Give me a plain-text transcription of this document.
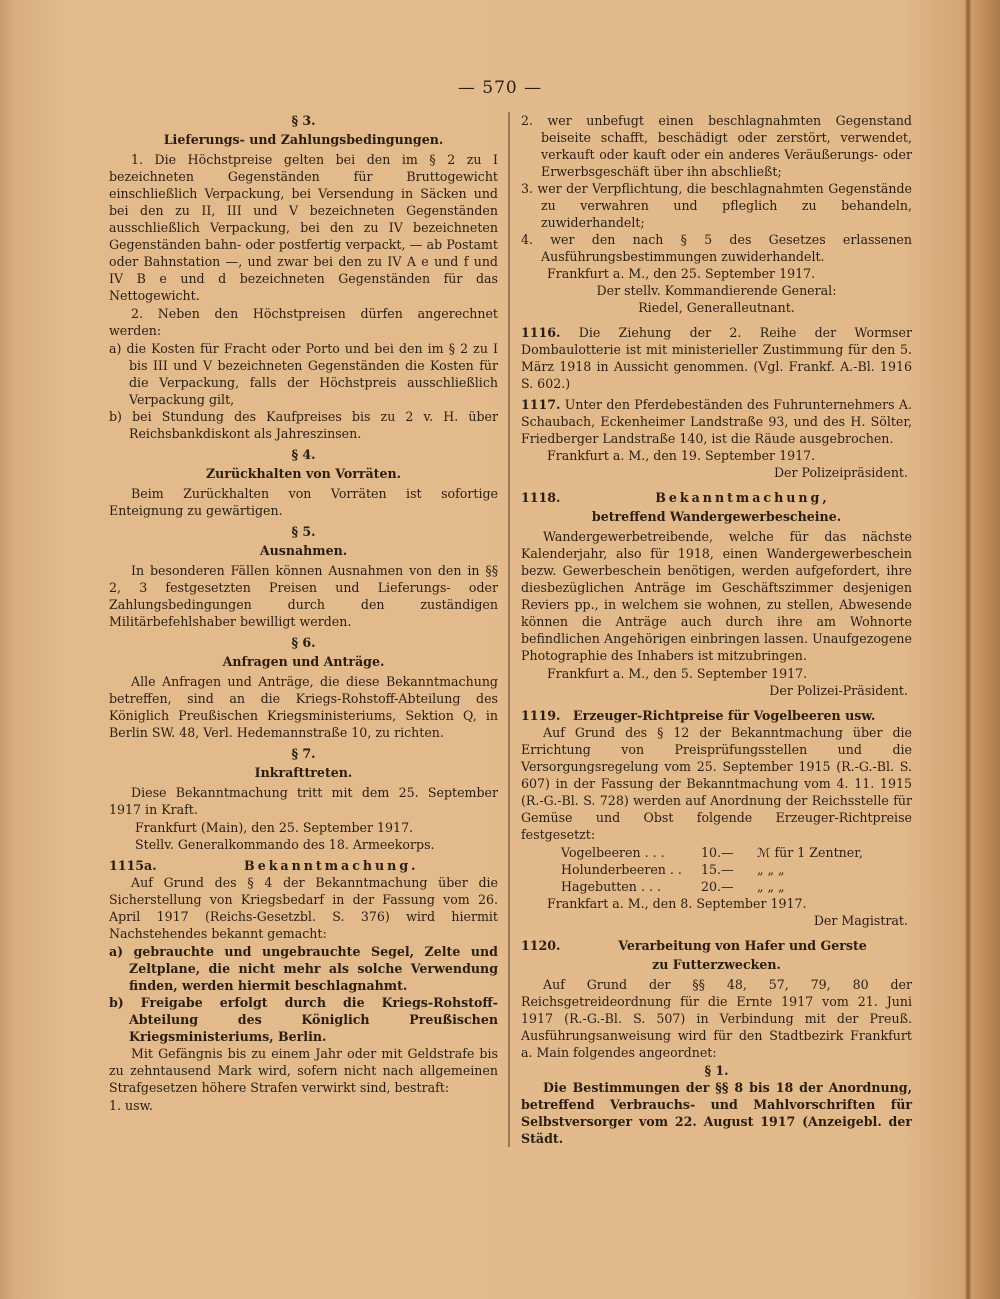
— 570 —

§ 3.

Lieferungs- und Zahlungsbedingungen.

1. Die Höchstpreise gelten bei den im § 2 zu I bezeichneten Gegenständen für Bruttogewicht einschließlich Verpackung, bei Versendung in Säcken und bei den zu II, III und V bezeichneten Gegenständen ausschließlich Verpackung, bei den zu IV bezeichneten Gegenständen bahn- oder postfertig verpackt, — ab Postamt oder Bahnstation —, und zwar bei den zu IV A e und f und IV B e und d bezeichneten Gegenständen für das Nettogewicht.

2. Neben den Höchstpreisen dürfen angerechnet werden:

a) die Kosten für Fracht oder Porto und bei den im § 2 zu I bis III und V bezeichneten Gegenständen die Kosten für die Verpackung, falls der Höchstpreis ausschließlich Verpackung gilt,

b) bei Stundung des Kaufpreises bis zu 2 v. H. über Reichsbankdiskont als Jahreszinsen.

§ 4.

Zurückhalten von Vorräten.

Beim Zurückhalten von Vorräten ist sofortige Enteignung zu gewärtigen.

§ 5.

Ausnahmen.

In besonderen Fällen können Ausnahmen von den in §§ 2, 3 festgesetzten Preisen und Lieferungs- oder Zahlungsbedingungen durch den zuständigen Militärbefehlshaber bewilligt werden.

§ 6.

Anfragen und Anträge.

Alle Anfragen und Anträge, die diese Bekanntmachung betreffen, sind an die Kriegs-Rohstoff-Abteilung des Königlich Preußischen Kriegsministeriums, Sektion Q, in Berlin SW. 48, Verl. Hedemannstraße 10, zu richten.

§ 7.

Inkrafttreten.

Diese Bekanntmachung tritt mit dem 25. September 1917 in Kraft.

Frankfurt (Main), den 25. September 1917.

Stellv. Generalkommando des 18. Armeekorps.

1115a.	Bekanntmachung.

Auf Grund des § 4 der Bekanntmachung über die Sicherstellung von Kriegsbedarf in der Fassung vom 26. April 1917 (Reichs-Gesetzbl. S. 376) wird hiermit Nachstehendes bekannt gemacht:

a) gebrauchte und ungebrauchte Segel, Zelte und Zeltplane, die nicht mehr als solche Verwendung finden, werden hiermit beschlagnahmt.

b) Freigabe erfolgt durch die Kriegs-Rohstoff-Abteilung des Königlich Preußischen Kriegsministeriums, Berlin.

Mit Gefängnis bis zu einem Jahr oder mit Geldstrafe bis zu zehntausend Mark wird, sofern nicht nach allgemeinen Strafgesetzen höhere Strafen verwirkt sind, bestraft:

1. usw.

2. wer unbefugt einen beschlagnahmten Gegenstand beiseite schafft, beschädigt oder zerstört, verwendet, verkauft oder kauft oder ein anderes Veräußerungs- oder Erwerbsgeschäft über ihn abschließt;

3. wer der Verpflichtung, die beschlagnahmten Gegenstände zu verwahren und pfleglich zu behandeln, zuwiderhandelt;

4. wer den nach § 5 des Gesetzes erlassenen Ausführungsbestimmungen zuwiderhandelt.

Frankfurt a. M., den 25. September 1917.

Der stellv. Kommandierende General:

Riedel, Generalleutnant.

1116. Die Ziehung der 2. Reihe der Wormser Dombaulotterie ist mit ministerieller Zustimmung für den 5. März 1918 in Aussicht genommen. (Vgl. Frankf. A.-Bl. 1916 S. 602.)

1117. Unter den Pferdebeständen des Fuhrunternehmers A. Schaubach, Eckenheimer Landstraße 93, und des H. Sölter, Friedberger Landstraße 140, ist die Räude ausgebrochen.

Frankfurt a. M., den 19. September 1917.

Der Polizeipräsident.

1118.	Bekanntmachung,

betreffend Wandergewerbescheine.

Wandergewerbetreibende, welche für das nächste Kalenderjahr, also für 1918, einen Wandergewerbeschein bezw. Gewerbeschein benötigen, werden aufgefordert, ihre diesbezüglichen Anträge im Geschäftszimmer desjenigen Reviers pp., in welchem sie wohnen, zu stellen, Abwesende können die Anträge auch durch ihre am Wohnorte befindlichen Angehörigen einbringen lassen. Unaufgezogene Photographie des Inhabers ist mitzubringen.

Frankfurt a. M., den 5. September 1917.

Der Polizei-Präsident.

1119. Erzeuger-Richtpreise für Vogelbeeren usw.

Auf Grund des § 12 der Bekanntmachung über die Errichtung von Preisprüfungsstellen und die Versorgungsregelung vom 25. September 1915 (R.-G.-Bl. S. 607) in der Fassung der Bekanntmachung vom 4. 11. 1915 (R.-G.-Bl. S. 728) werden auf Anordnung der Reichsstelle für Gemüse und Obst folgende Erzeuger-Richtpreise festgesetzt:

Vogelbeeren . . .	10.—	ℳ für 1 Zentner,
Holunderbeeren . .	15.—	„ „ „
Hagebutten . . .	20.—	„ „ „

Frankfart a. M., den 8. September 1917.

Der Magistrat.

1120.	Verarbeitung von Hafer und Gerste

zu Futterzwecken.

Auf Grund der §§ 48, 57, 79, 80 der Reichsgetreideordnung für die Ernte 1917 vom 21. Juni 1917 (R.-G.-Bl. S. 507) in Verbindung mit der Preuß. Ausführungsanweisung wird für den Stadtbezirk Frankfurt a. Main folgendes angeordnet:

§ 1.

Die Bestimmungen der §§ 8 bis 18 der Anordnung, betreffend Verbrauchs- und Mahlvorschriften für Selbstversorger vom 22. August 1917 (Anzeigebl. der Städt.
